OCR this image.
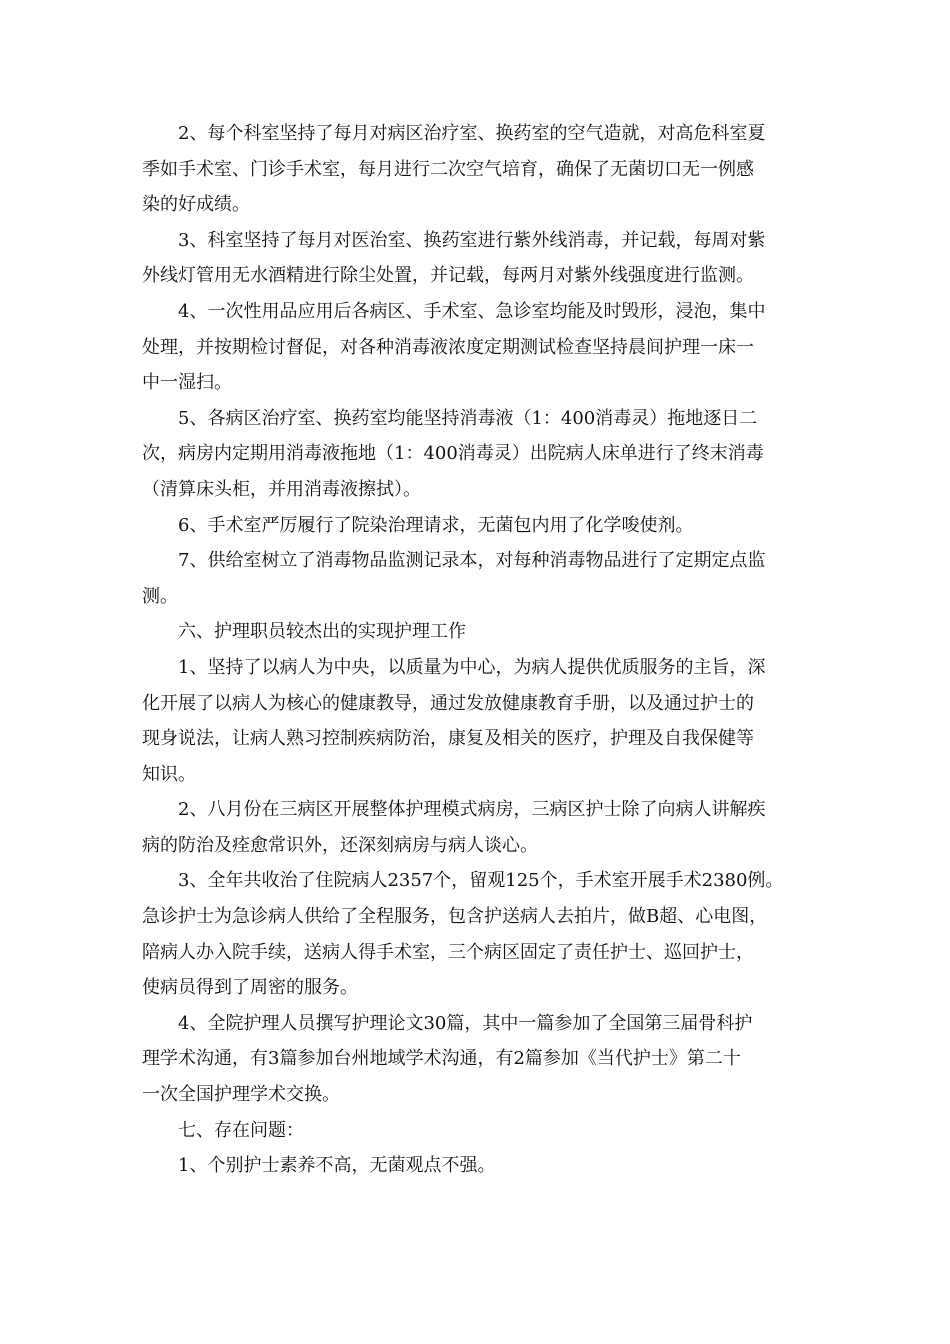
　　2、每个科室坚持了每月对病区治疗室、换药室的空气造就，对高危科室夏
季如手术室、门诊手术室，每月进行二次空气培育，确保了无菌切口无一例感
染的好成绩。
　　3、科室坚持了每月对医治室、换药室进行紫外线消毒，并记载，每周对紫
外线灯管用无水酒精进行除尘处置，并记载，每两月对紫外线强度进行监测。
　　4、一次性用品应用后各病区、手术室、急诊室均能及时毁形，浸泡，集中
处理，并按期检讨督促，对各种消毒液浓度定期测试检查坚持晨间护理一床一
中一湿扫。
　　5、各病区治疗室、换药室均能坚持消毒液（1：400消毒灵）拖地逐日二
次，病房内定期用消毒液拖地（1：400消毒灵）出院病人床单进行了终末消毒
（清算床头柜，并用消毒液擦拭）。
　　6、手术室严厉履行了院染治理请求，无菌包内用了化学唆使剂。
　　7、供给室树立了消毒物品监测记录本，对每种消毒物品进行了定期定点监
测。
　　六、护理职员较杰出的实现护理工作
　　1、坚持了以病人为中央，以质量为中心，为病人提供优质服务的主旨，深
化开展了以病人为核心的健康教导，通过发放健康教育手册，以及通过护士的
现身说法，让病人熟习控制疾病防治，康复及相关的医疗，护理及自我保健等
知识。
　　2、八月份在三病区开展整体护理模式病房，三病区护士除了向病人讲解疾
病的防治及痊愈常识外，还深刻病房与病人谈心。
　　3、全年共收治了住院病人2357个，留观125个，手术室开展手术2380例。
急诊护士为急诊病人供给了全程服务，包含护送病人去拍片，做B超、心电图，
陪病人办入院手续，送病人得手术室，三个病区固定了责任护士、巡回护士，
使病员得到了周密的服务。
　　4、全院护理人员撰写护理论文30篇，其中一篇参加了全国第三届骨科护
理学术沟通，有3篇参加台州地域学术沟通，有2篇参加《当代护士》第二十
一次全国护理学术交换。
　　七、存在问题：
　　1、个别护士素养不高，无菌观点不强。
